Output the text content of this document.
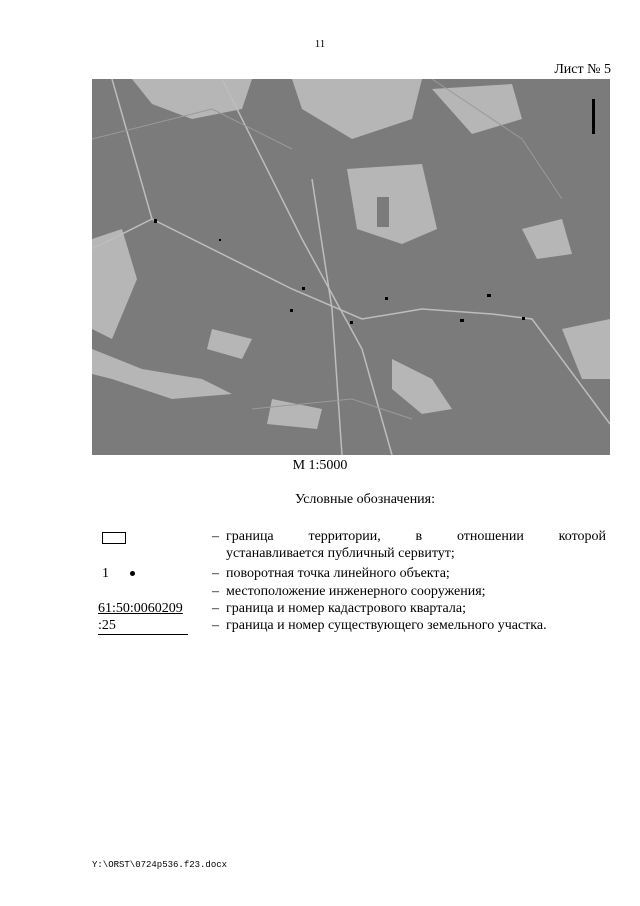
11
Лист № 5
М 1:5000
Условные обозначения:
– граница территории, в отношении которой
устанавливается публичный сервитут;
1	– поворотная точка линейного объекта;
– местоположение инженерного сооружения;
61:50:0060209 – граница и номер кадастрового квартала;
:25	– граница и номер существующего земельного участка.
Y:\ORST\0724p536.f23.docx
